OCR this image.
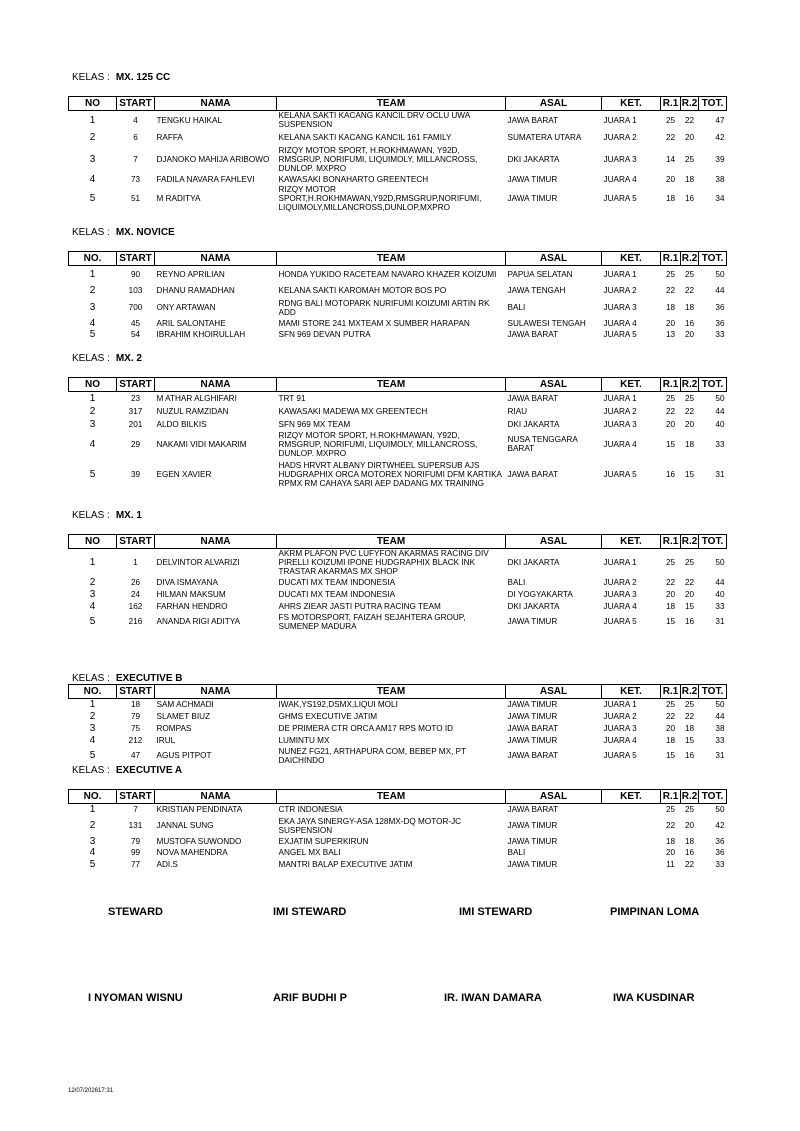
KELAS : MX. 125 CC
NO	START	NAMA	TEAM	ASAL	KET.	R.1	R.2	TOT.
1	4	TENGKU HAIKAL	KELANA SAKTI KACANG KANCIL DRV OCLU UWA SUSPENSION	JAWA BARAT	JUARA 1	25	22	47
2	6	RAFFA	KELANA SAKTI KACANG KANCIL 161 FAMILY	SUMATERA UTARA	JUARA 2	22	20	42
3	7	DJANOKO MAHIJA ARIBOWO	RIZQY MOTOR SPORT, H.ROKHMAWAN, Y92D, RMSGRUP, NORIFUMI, LIQUIMOLY, MILLANCROSS, DUNLOP. MXPRO	DKI JAKARTA	JUARA 3	14	25	39
4	73	FADILA NAVARA FAHLEVI	KAWASAKI BONAHARTO GREENTECH	JAWA TIMUR	JUARA 4	20	18	38
5	51	M RADITYA	RIZQY MOTOR SPORT,H.ROKHMAWAN,Y92D,RMSGRUP,NORIFUMI, LIQUIMOLY,MILLANCROSS,DUNLOP,MXPRO	JAWA TIMUR	JUARA 5	18	16	34
KELAS : MX. NOVICE
NO.	START	NAMA	TEAM	ASAL	KET.	R.1	R.2	TOT.
1	90	REYNO APRILIAN	HONDA YUKIDO RACETEAM NAVARO KHAZER KOIZUMI	PAPUA SELATAN	JUARA 1	25	25	50
2	103	DHANU RAMADHAN	KELANA SAKTI KAROMAH MOTOR BOS PO	JAWA TENGAH	JUARA 2	22	22	44
3	700	ONY ARTAWAN	RDNG BALI MOTOPARK NURIFUMI KOIZUMI ARTIN RK ADD	BALI	JUARA 3	18	18	36
4	45	ARIL SALONTAHE	MAMI STORE 241 MXTEAM X SUMBER HARAPAN	SULAWESI TENGAH	JUARA 4	20	16	36
5	54	IBRAHIM KHOIRULLAH	SFN 969 DEVAN PUTRA	JAWA BARAT	JUARA 5	13	20	33
KELAS : MX. 2
NO	START	NAMA	TEAM	ASAL	KET.	R.1	R.2	TOT.
1	23	M ATHAR ALGHIFARI	TRT 91	JAWA BARAT	JUARA 1	25	25	50
2	317	NUZUL RAMZIDAN	KAWASAKI MADEWA MX GREENTECH	RIAU	JUARA 2	22	22	44
3	201	ALDO BILKIS	SFN 969 MX TEAM	DKI JAKARTA	JUARA 3	20	20	40
4	29	NAKAMI VIDI MAKARIM	RIZQY MOTOR SPORT, H.ROKHMAWAN, Y92D, RMSGRUP, NORIFUMI, LIQUIMOLY, MILLANCROSS, DUNLOP. MXPRO	NUSA TENGGARA BARAT	JUARA 4	15	18	33
5	39	EGEN XAVIER	HADS HRVRT ALBANY DIRTWHEEL SUPERSUB AJS HUDGRAPHIX ORCA MOTOREX NORIFUMI DFM KARTIKA RPMX RM CAHAYA SARI AEP DADANG MX TRAINING	JAWA BARAT	JUARA 5	16	15	31
KELAS : MX. 1
NO	START	NAMA	TEAM	ASAL	KET.	R.1	R.2	TOT.
1	1	DELVINTOR ALVARIZI	AKRM PLAFON PVC LUFYFON AKARMAS RACING DIV PIRELLI KOIZUMI IPONE HUDGRAPHIX BLACK INK TRASTAR AKARMAS MX SHOP	DKI JAKARTA	JUARA 1	25	25	50
2	26	DIVA ISMAYANA	DUCATI MX TEAM INDONESIA	BALI	JUARA 2	22	22	44
3	24	HILMAN MAKSUM	DUCATI MX TEAM INDONESIA	DI YOGYAKARTA	JUARA 3	20	20	40
4	162	FARHAN HENDRO	AHRS ZIEAR JASTI PUTRA RACING TEAM	DKI JAKARTA	JUARA 4	18	15	33
5	216	ANANDA RIGI ADITYA	FS MOTORSPORT, FAIZAH SEJAHTERA GROUP, SUMENEP MADURA	JAWA TIMUR	JUARA 5	15	16	31
KELAS : EXECUTIVE B
NO.	START	NAMA	TEAM	ASAL	KET.	R.1	R.2	TOT.
1	18	SAM ACHMADI	IWAK,YS192,DSMX,LIQUI MOLI	JAWA TIMUR	JUARA 1	25	25	50
2	79	SLAMET BIUZ	GHMS EXECUTIVE JATIM	JAWA TIMUR	JUARA 2	22	22	44
3	75	ROMPAS	DE PRIMERA CTR ORCA AM17 RPS MOTO ID	JAWA BARAT	JUARA 3	20	18	38
4	212	IRUL	LUMINTU MX	JAWA TIMUR	JUARA 4	18	15	33
5	47	AGUS PITPOT	NUNEZ FG21, ARTHAPURA COM, BEBEP MX, PT DAICHINDO	JAWA BARAT	JUARA 5	15	16	31
KELAS : EXECUTIVE A
NO.	START	NAMA	TEAM	ASAL	KET.	R.1	R.2	TOT.
1	7	KRISTIAN PENDINATA	CTR INDONESIA	JAWA BARAT		25	25	50
2	131	JANNAL SUNG	EKA JAYA SINERGY-ASA 128MX-DQ MOTOR-JC SUSPENSION	JAWA TIMUR		22	20	42
3	79	MUSTOFA SUWONDO	EXJATIM SUPERKIRUN	JAWA TIMUR		18	18	36
4	99	NOVA MAHENDRA	ANGEL MX BALI	BALI		20	16	36
5	77	ADI.S	MANTRI BALAP EXECUTIVE JATIM	JAWA TIMUR		11	22	33
STEWARD
I NYOMAN WISNU
IMI STEWARD
ARIF BUDHI P
IMI STEWARD
IR. IWAN DAMARA
PIMPINAN LOMA
IWA KUSDINAR
12/07/202617:31
